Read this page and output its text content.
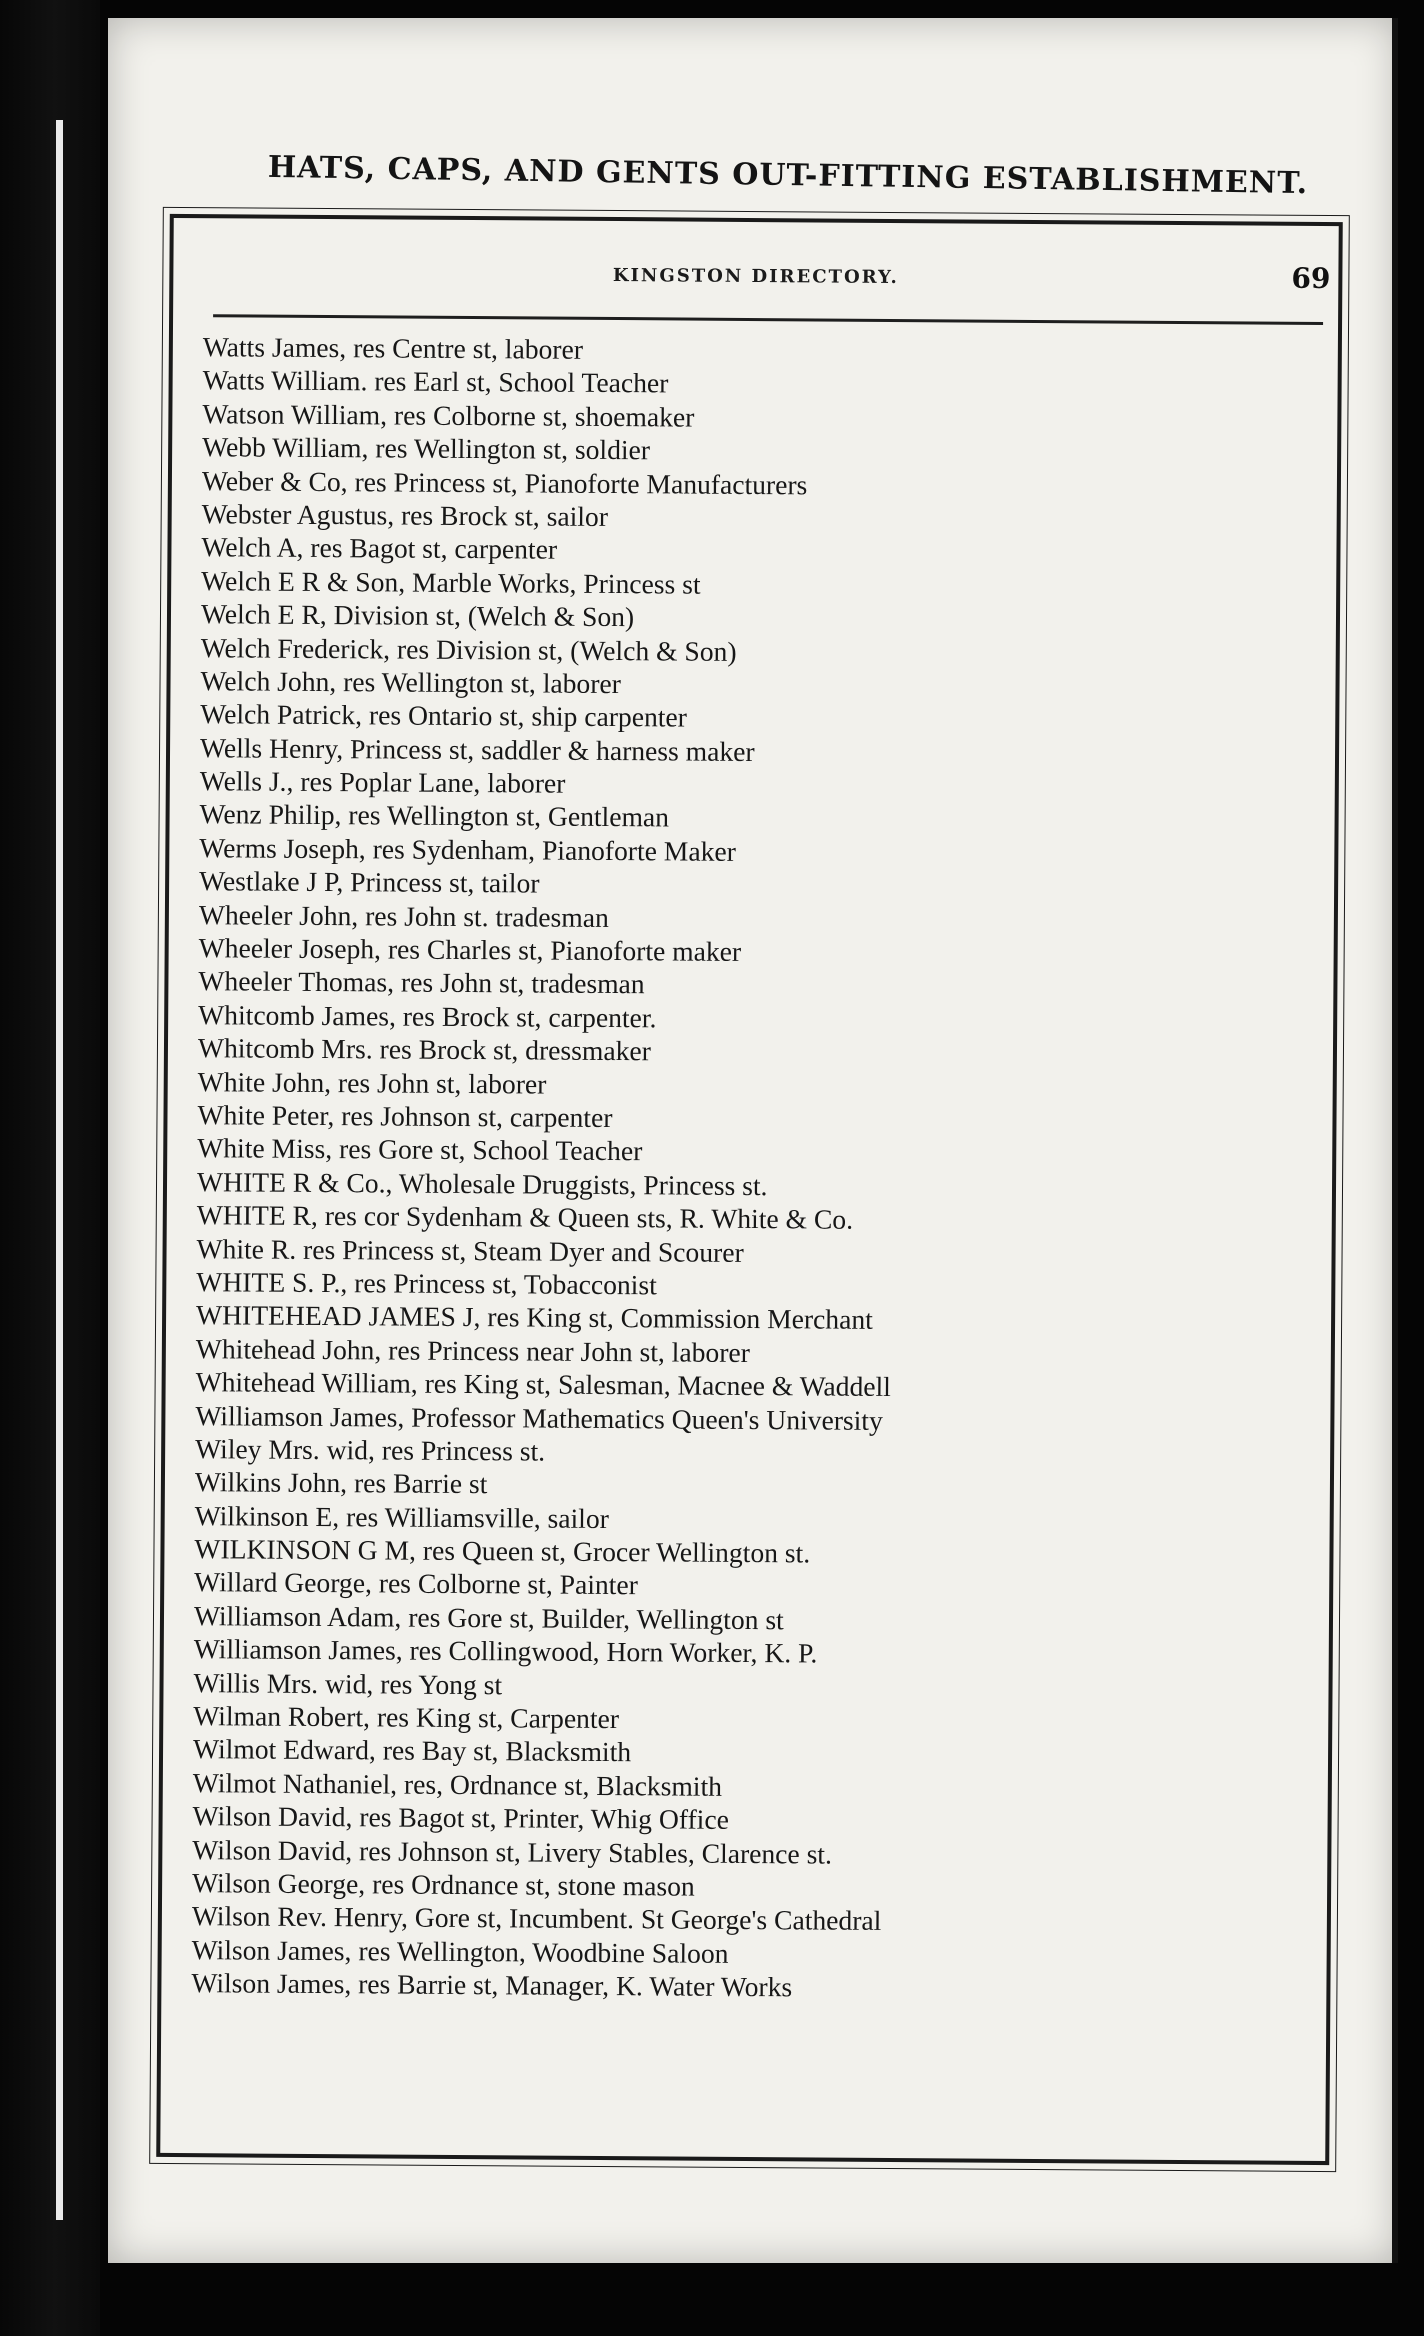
HATS, CAPS, AND GENTS OUT-FITTING ESTABLISHMENT.
KINGSTON DIRECTORY.	69
Watts James, res Centre st, laborer
Watts William. res Earl st, School Teacher
Watson William, res Colborne st, shoemaker
Webb William, res Wellington st, soldier
Weber & Co, res Princess st, Pianoforte Manufacturers
Webster Agustus, res Brock st, sailor
Welch A, res Bagot st, carpenter
Welch E R & Son, Marble Works, Princess st
Welch E R, Division st, (Welch & Son)
Welch Frederick, res Division st, (Welch & Son)
Welch John, res Wellington st, laborer
Welch Patrick, res Ontario st, ship carpenter
Wells Henry, Princess st, saddler & harness maker
Wells J., res Poplar Lane, laborer
Wenz Philip, res Wellington st, Gentleman
Werms Joseph, res Sydenham, Pianoforte Maker
Westlake J P, Princess st, tailor
Wheeler John, res John st. tradesman
Wheeler Joseph, res Charles st, Pianoforte maker
Wheeler Thomas, res John st, tradesman
Whitcomb James, res Brock st, carpenter.
Whitcomb Mrs. res Brock st, dressmaker
White John, res John st, laborer
White Peter, res Johnson st, carpenter
White Miss, res Gore st, School Teacher
WHITE R & Co., Wholesale Druggists, Princess st.
WHITE R, res cor Sydenham & Queen sts, R. White & Co.
White R. res Princess st, Steam Dyer and Scourer
WHITE S. P., res Princess st, Tobacconist
WHITEHEAD JAMES J, res King st, Commission Merchant
Whitehead John, res Princess near John st, laborer
Whitehead William, res King st, Salesman, Macnee & Waddell
Williamson James, Professor Mathematics Queen's University
Wiley Mrs. wid, res Princess st.
Wilkins John, res Barrie st
Wilkinson E, res Williamsville, sailor
WILKINSON G M, res Queen st, Grocer Wellington st.
Willard George, res Colborne st, Painter
Williamson Adam, res Gore st, Builder, Wellington st
Williamson James, res Collingwood, Horn Worker, K. P.
Willis Mrs. wid, res Yong st
Wilman Robert, res King st, Carpenter
Wilmot Edward, res Bay st, Blacksmith
Wilmot Nathaniel, res, Ordnance st, Blacksmith
Wilson David, res Bagot st, Printer, Whig Office
Wilson David, res Johnson st, Livery Stables, Clarence st.
Wilson George, res Ordnance st, stone mason
Wilson Rev. Henry, Gore st, Incumbent. St George's Cathedral
Wilson James, res Wellington, Woodbine Saloon
Wilson James, res Barrie st, Manager, K. Water Works
